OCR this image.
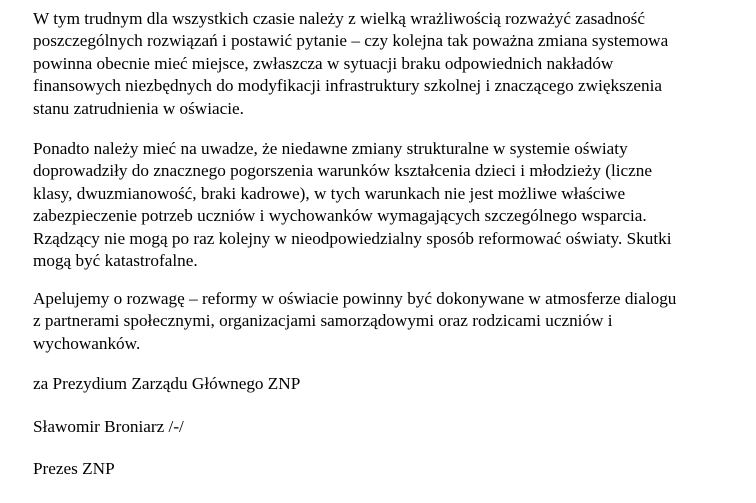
W tym trudnym dla wszystkich czasie należy z wielką wrażliwością rozważyć zasadność
poszczególnych rozwiązań i postawić pytanie – czy kolejna tak poważna zmiana systemowa
powinna obecnie mieć miejsce, zwłaszcza w sytuacji braku odpowiednich nakładów
finansowych niezbędnych do modyfikacji infrastruktury szkolnej i znaczącego zwiększenia
stanu zatrudnienia w oświacie.

Ponadto należy mieć na uwadze, że niedawne zmiany strukturalne w systemie oświaty
doprowadziły do znacznego pogorszenia warunków kształcenia dzieci i młodzieży (liczne
klasy, dwuzmianowość, braki kadrowe), w tych warunkach nie jest możliwe właściwe
zabezpieczenie potrzeb uczniów i wychowanków wymagających szczególnego wsparcia.
Rządzący nie mogą po raz kolejny w nieodpowiedzialny sposób reformować oświaty. Skutki
mogą być katastrofalne.

Apelujemy o rozwagę – reformy w oświacie powinny być dokonywane w atmosferze dialogu
z partnerami społecznymi, organizacjami samorządowymi oraz rodzicami uczniów i
wychowanków.

za Prezydium Zarządu Głównego ZNP

Sławomir Broniarz /-/

Prezes ZNP
